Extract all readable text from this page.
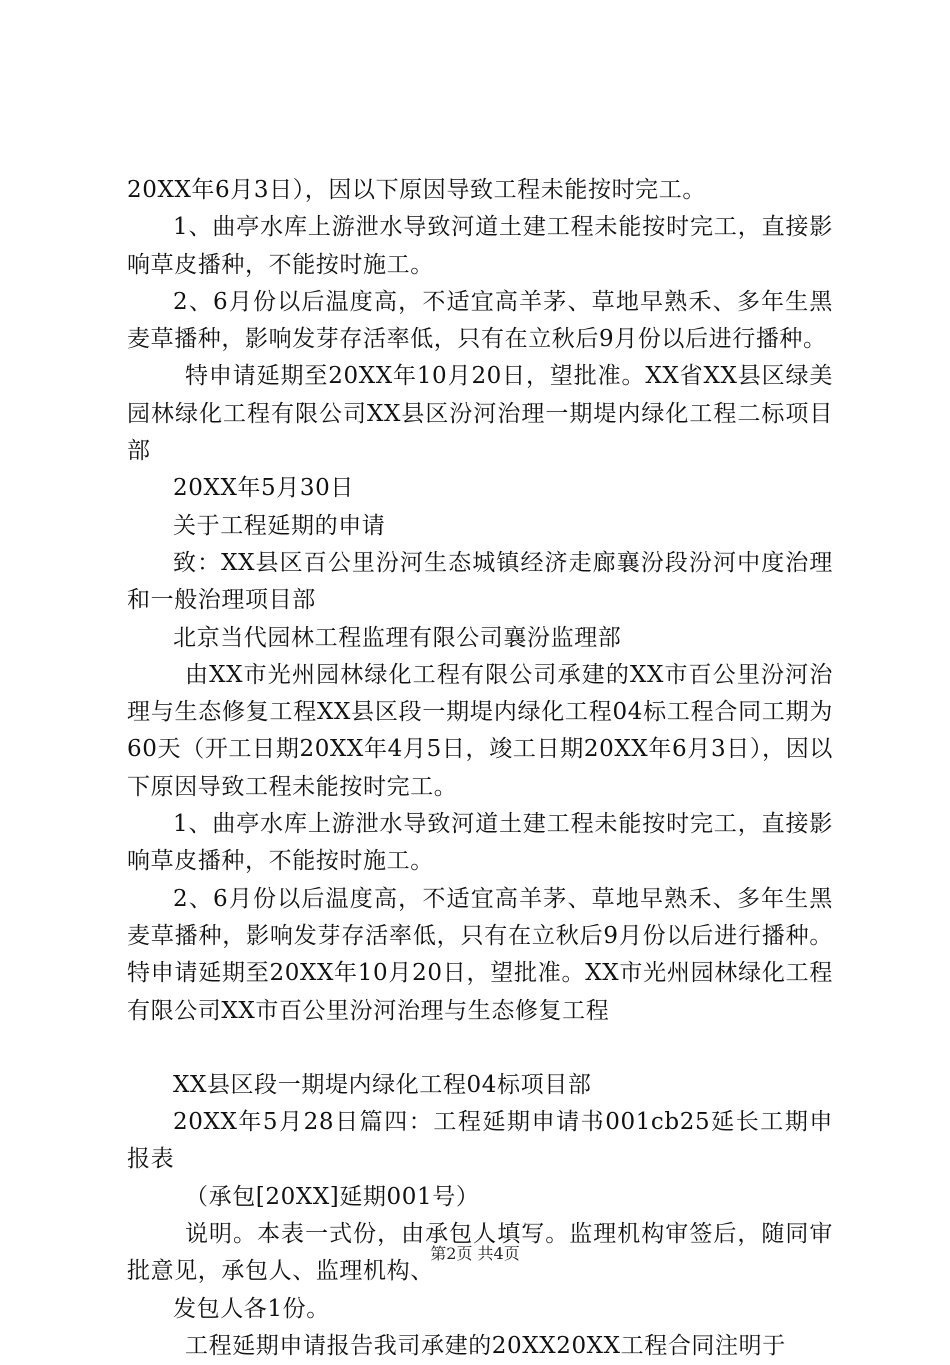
20XX年6月3日），因以下原因导致工程未能按时完工。

1、曲亭水库上游泄水导致河道土建工程未能按时完工，直接影响草皮播种，不能按时施工。

2、6月份以后温度高，不适宜高羊茅、草地早熟禾、多年生黑麦草播种，影响发芽存活率低，只有在立秋后9月份以后进行播种。

特申请延期至20XX年10月20日，望批准。XX省XX县区绿美园林绿化工程有限公司XX县区汾河治理一期堤内绿化工程二标项目部

20XX年5月30日

关于工程延期的申请

致：XX县区百公里汾河生态城镇经济走廊襄汾段汾河中度治理和一般治理项目部

北京当代园林工程监理有限公司襄汾监理部

由XX市光州园林绿化工程有限公司承建的XX市百公里汾河治理与生态修复工程XX县区段一期堤内绿化工程04标工程合同工期为60天（开工日期20XX年4月5日，竣工日期20XX年6月3日），因以下原因导致工程未能按时完工。

1、曲亭水库上游泄水导致河道土建工程未能按时完工，直接影响草皮播种，不能按时施工。

2、6月份以后温度高，不适宜高羊茅、草地早熟禾、多年生黑麦草播种，影响发芽存活率低，只有在立秋后9月份以后进行播种。特申请延期至20XX年10月20日，望批准。XX市光州园林绿化工程有限公司XX市百公里汾河治理与生态修复工程

XX县区段一期堤内绿化工程04标项目部

20XX年5月28日篇四：工程延期申请书001cb25延长工期申报表

（承包[20XX]延期001号）

说明。本表一式份，由承包人填写。监理机构审签后，随同审批意见，承包人、监理机构、

发包人各1份。

工程延期申请报告我司承建的20XX20XX工程合同注明于

第2页 共4页
